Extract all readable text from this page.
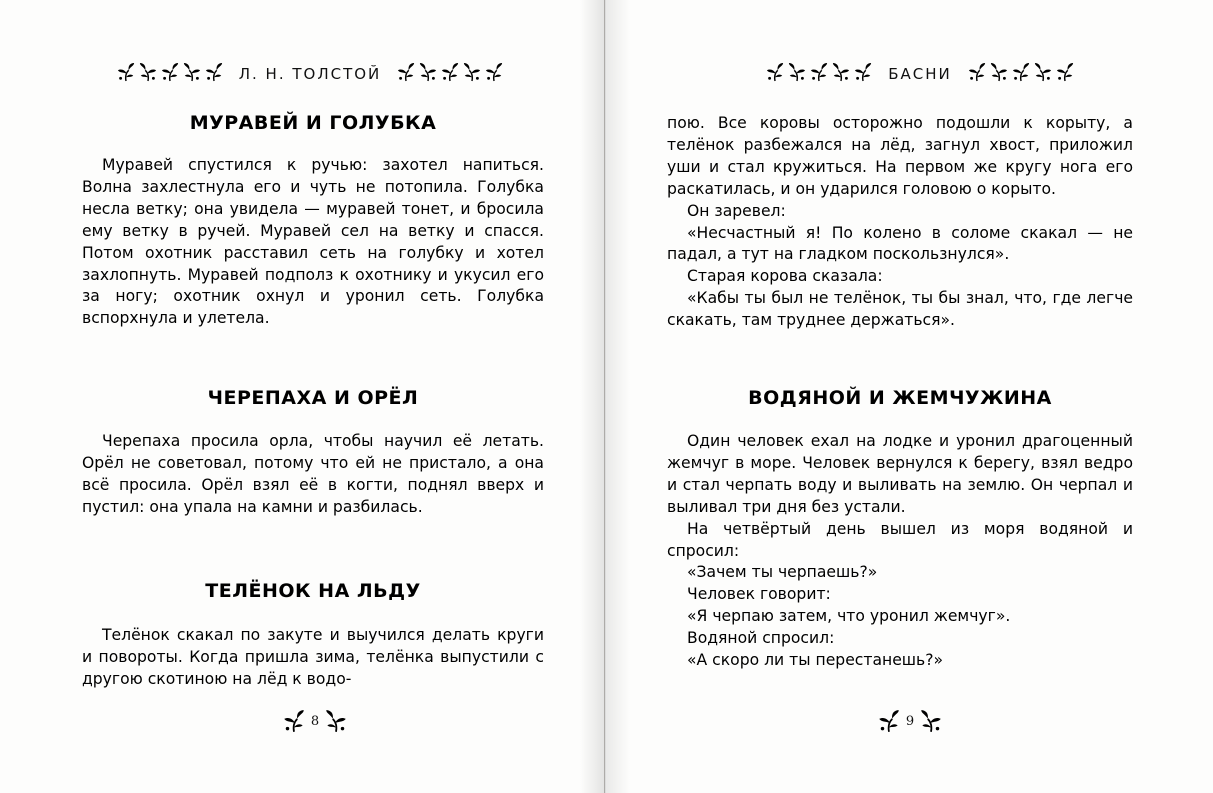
Л. Н. ТОЛСТОЙ
МУРАВЕЙ И ГОЛУБКА

Муравей спустился к ручью: захотел напиться. Волна захлестнула его и чуть не потопила. Голубка несла ветку; она увидела — муравей тонет, и бросила ему ветку в ручей. Муравей сел на ветку и спасся. Потом охотник расставил сеть на голубку и хотел захлопнуть. Муравей подполз к охотнику и укусил его за ногу; охотник охнул и уронил сеть. Голубка вспорхнула и улетела.

ЧЕРЕПАХА И ОРЁЛ

Черепаха просила орла, чтобы научил её летать. Орёл не советовал, потому что ей не пристало, а она всё просила. Орёл взял её в когти, поднял вверх и пустил: она упала на камни и разбилась.

ТЕЛЁНОК НА ЛЬДУ

Телёнок скакал по закуте и выучился делать круги и повороты. Когда пришла зима, телёнка выпустили с другою скотиною на лёд к водо-

8
БАСНИ

пою. Все коровы осторожно подошли к корыту, а телёнок разбежался на лёд, загнул хвост, приложил уши и стал кружиться. На первом же кругу нога его раскатилась, и он ударился головою о корыто.

Он заревел:

«Несчастный я! По колено в соломе скакал — не падал, а тут на гладком поскользнулся».

Старая корова сказала:

«Кабы ты был не телёнок, ты бы знал, что, где легче скакать, там труднее держаться».

ВОДЯНОЙ И ЖЕМЧУЖИНА

Один человек ехал на лодке и уронил драгоценный жемчуг в море. Человек вернулся к берегу, взял ведро и стал черпать воду и выливать на землю. Он черпал и выливал три дня без устали.

На четвёртый день вышел из моря водяной и спросил:

«Зачем ты черпаешь?»

Человек говорит:

«Я черпаю затем, что уронил жемчуг».

Водяной спросил:

«А скоро ли ты перестанешь?»

9
